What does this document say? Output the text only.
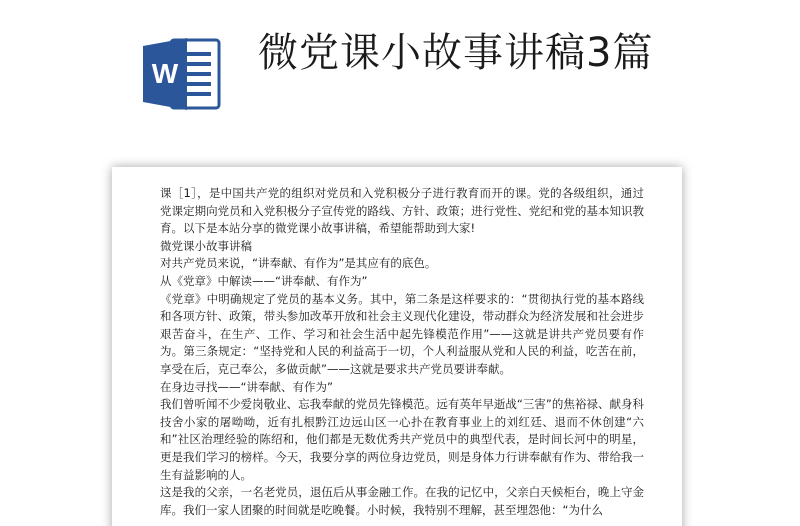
W 微党课小故事讲稿3篇

课［1］，是中国共产党的组织对党员和入党积极分子进行教育而开的课。党的各级组织，通过党课定期向党员和入党积极分子宣传党的路线、方针、政策；进行党性、党纪和党的基本知识教育。以下是本站分享的微党课小故事讲稿，希望能帮助到大家!

微党课小故事讲稿

对共产党员来说，“讲奉献、有作为”是其应有的底色。

从《党章》中解读——“讲奉献、有作为”

《党章》中明确规定了党员的基本义务。其中，第二条是这样要求的：“贯彻执行党的基本路线和各项方针、政策，带头参加改革开放和社会主义现代化建设，带动群众为经济发展和社会进步艰苦奋斗，在生产、工作、学习和社会生活中起先锋模范作用”——这就是讲共产党员要有作为。第三条规定：“坚持党和人民的利益高于一切，个人利益服从党和人民的利益，吃苦在前，享受在后，克己奉公，多做贡献”——这就是要求共产党员要讲奉献。

在身边寻找——“讲奉献、有作为”

我们曾听闻不少爱岗敬业、忘我奉献的党员先锋模范。远有英年早逝战“三害”的焦裕禄、献身科技舍小家的屠呦呦，近有扎根黔江边远山区一心扑在教育事业上的刘红廷、退而不休创建“六和”社区治理经验的陈绍和，他们都是无数优秀共产党员中的典型代表，是时间长河中的明星，更是我们学习的榜样。今天，我要分享的两位身边党员，则是身体力行讲奉献有作为、带给我一生有益影响的人。

这是我的父亲，一名老党员，退伍后从事金融工作。在我的记忆中，父亲白天候柜台，晚上守金库。我们一家人团聚的时间就是吃晚餐。小时候，我特别不理解，甚至埋怨他：“为什么
